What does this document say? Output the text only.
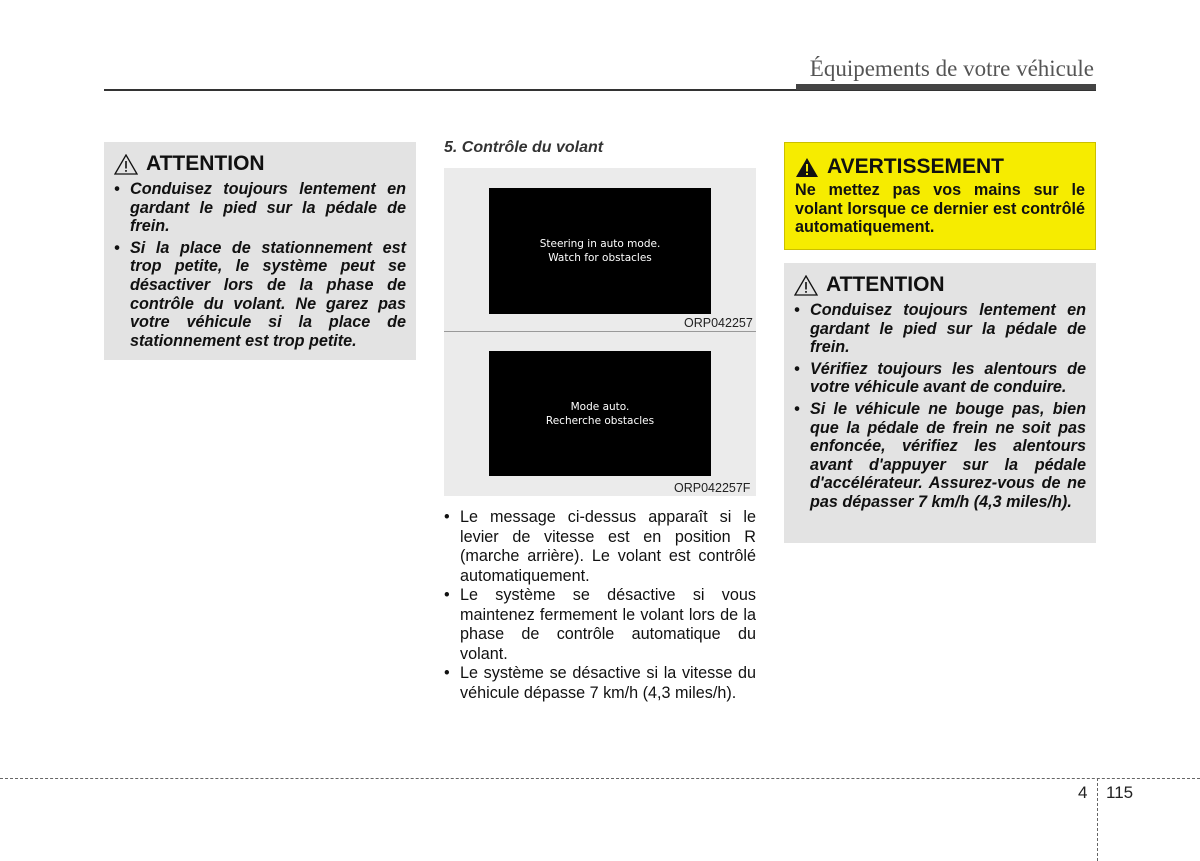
Équipements de votre véhicule
ATTENTION
• Conduisez toujours lentement en gardant le pied sur la pédale de frein.
• Si la place de stationnement est trop petite, le système peut se désactiver lors de la phase de contrôle du volant. Ne garez pas votre véhicule si la place de stationnement est trop petite.
5. Contrôle du volant
Steering in auto mode.
Watch for obstacles
ORP042257
Mode auto.
Recherche obstacles
ORP042257F
• Le message ci-dessus apparaît si le levier de vitesse est en position R (marche arrière). Le volant est contrôlé automatiquement.
• Le système se désactive si vous maintenez fermement le volant lors de la phase de contrôle automatique du volant.
• Le système se désactive si la vitesse du véhicule dépasse 7 km/h (4,3 miles/h).
AVERTISSEMENT
Ne mettez pas vos mains sur le volant lorsque ce dernier est contrôlé automatiquement.
ATTENTION
• Conduisez toujours lentement en gardant le pied sur la pédale de frein.
• Vérifiez toujours les alentours de votre véhicule avant de conduire.
• Si le véhicule ne bouge pas, bien que la pédale de frein ne soit pas enfoncée, vérifiez les alentours avant d'appuyer sur la pédale d'accélérateur. Assurez-vous de ne pas dépasser 7 km/h (4,3 miles/h).
4 115
